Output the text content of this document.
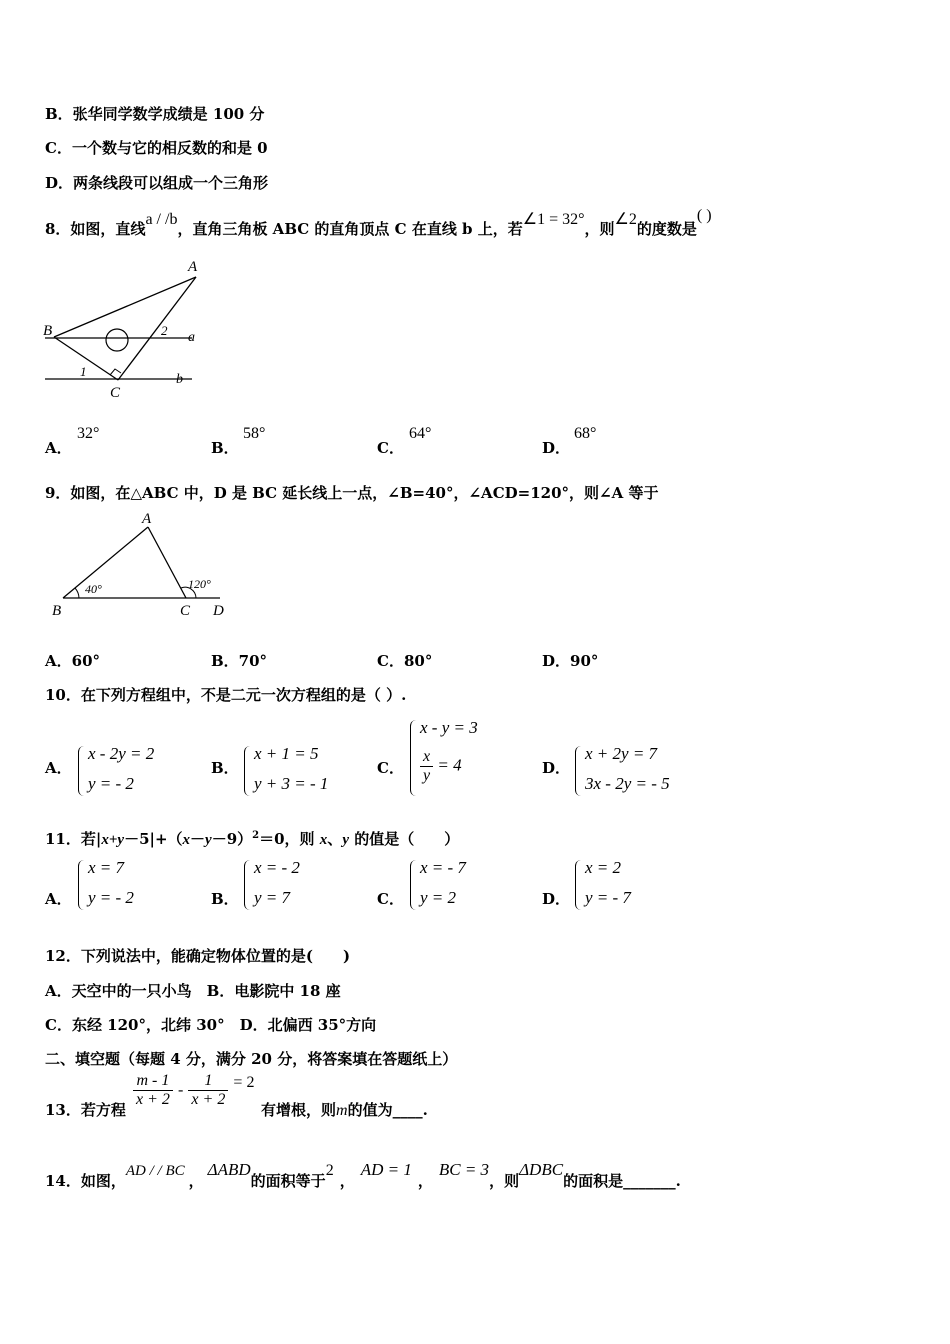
B．张华同学数学成绩是 100 分
C．一个数与它的相反数的和是 0
D．两条线段可以组成一个三角形
8．如图，直线a / /b，直角三角板 ABC 的直角顶点 C 在直线 b 上，若∠1 = 32°，则∠2的度数是( )
A
B
C
a
b
1
2
A．
32°
B．
58°
C．
64°
D．
68°
9．如图，在△ABC 中，D 是 BC 延长线上一点，∠B=40°，∠ACD=120°，则∠A 等于
A
B	C D
40°	120°
A．60°	B．70°	C．80°	D．90°
10．在下列方程组中，不是二元一次方程组的是（ ）.
A．
x - 2y = 2
y = - 2
B．
x + 1 = 5
y + 3 = - 1
C．
x - y = 3
$\frac{x}{y} = 4$	D．
x + 2y = 7
3x - 2y = - 5
11．若$|x+y-5|+(x-y-9)^2=0$，则 x、y 的值是（　　）
A．
x = 7
y = - 2	B．
x = - 2
y = 7	C．
x = - 7
y = 2	D．
x = 2
y = - 7
12．下列说法中，能确定物体位置的是(　　)
A．天空中的一只小鸟　B．电影院中 18 座
C．东经 120°，北纬 30°　D．北偏西 35°方向
二、填空题（每题 4 分，满分 20 分，将答案填在答题纸上）
13．若方程
$\frac{m - 1}{x + 2} - \frac{1}{x + 2} = 2$
有增根，则m的值为____.
14．如图，AD / / BC，ΔABD的面积等于2，AD = 1，BC = 3，则ΔDBC的面积是_______.
